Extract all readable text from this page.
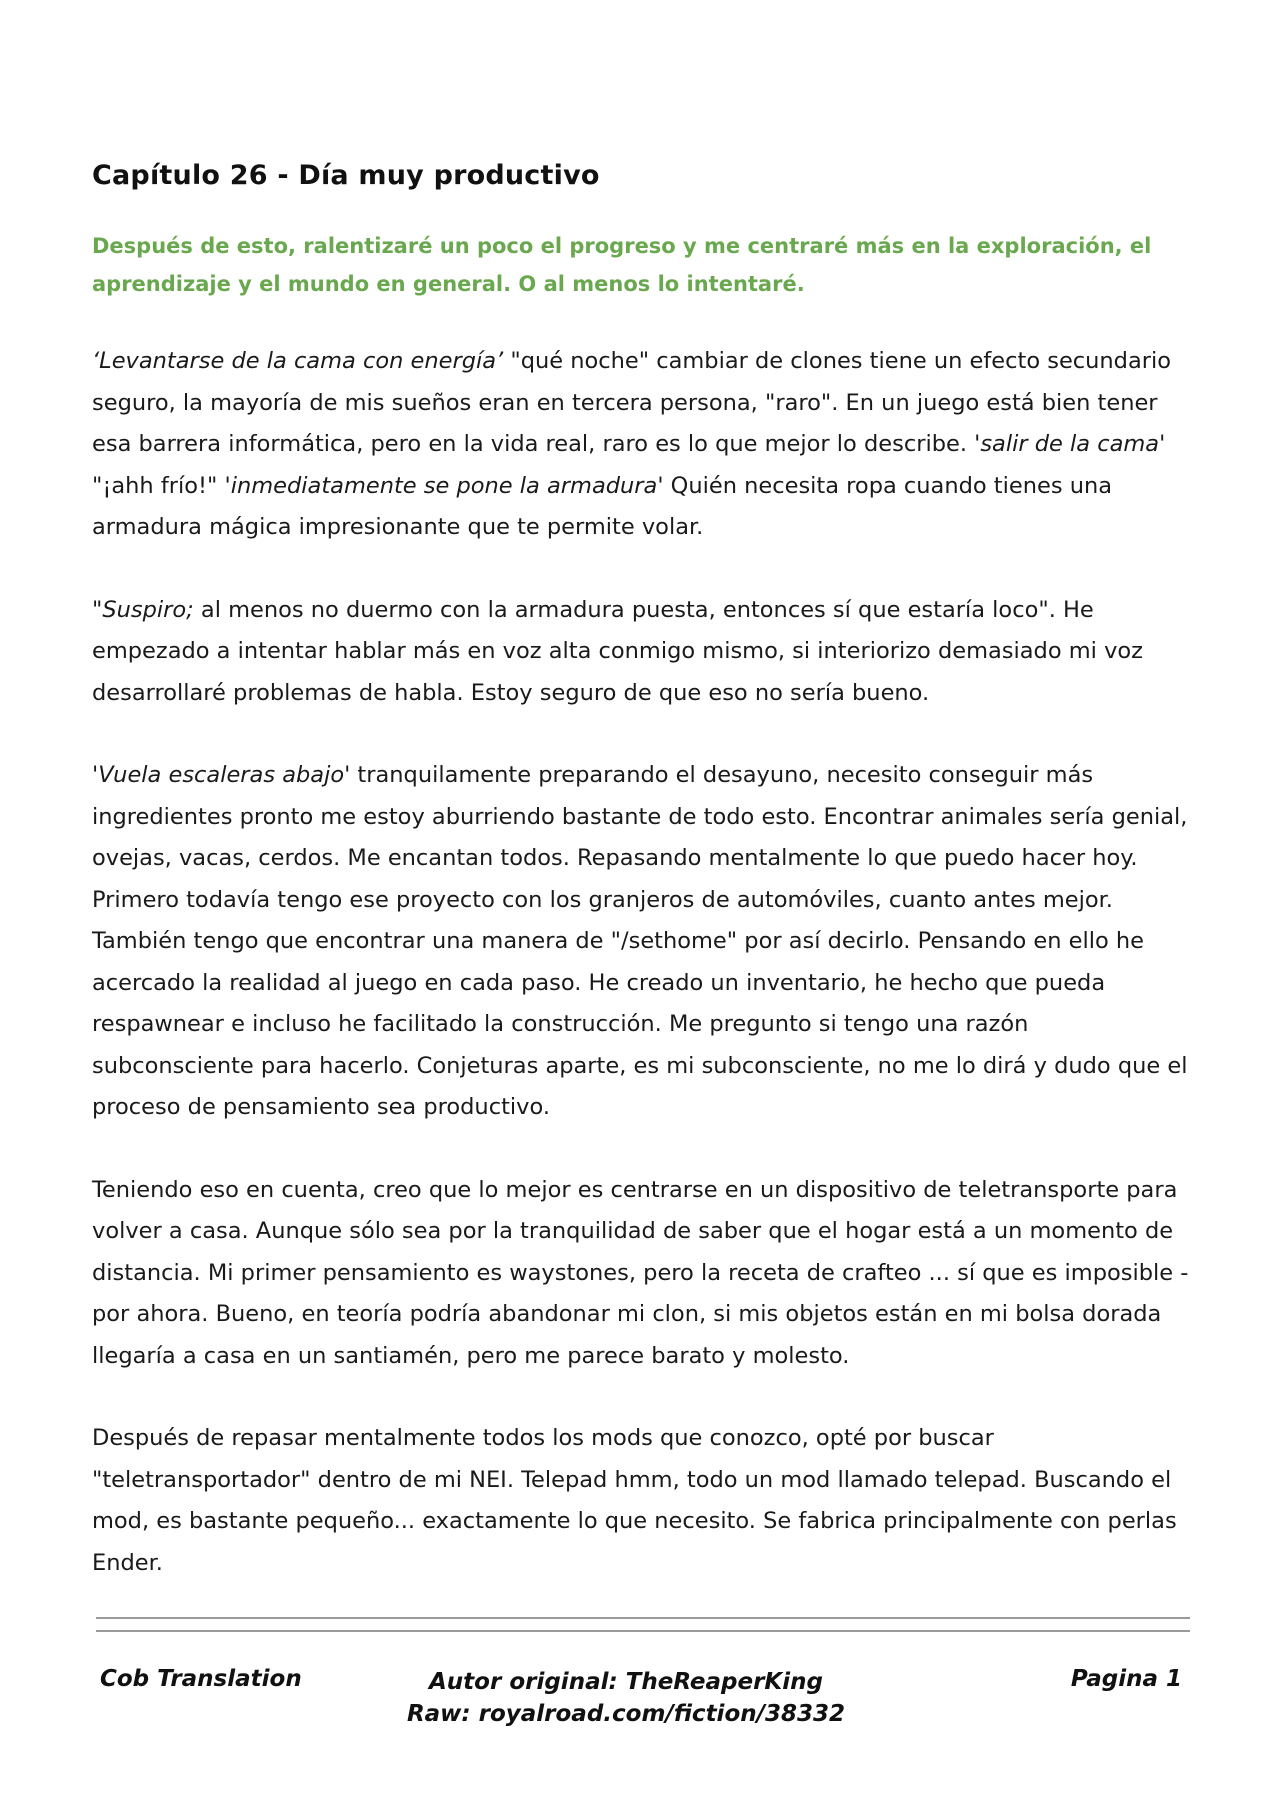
Capítulo 26 - Día muy productivo

Después de esto, ralentizaré un poco el progreso y me centraré más en la exploración, el aprendizaje y el mundo en general. O al menos lo intentaré.

‘Levantarse de la cama con energía’ "qué noche" cambiar de clones tiene un efecto secundario seguro, la mayoría de mis sueños eran en tercera persona, "raro". En un juego está bien tener esa barrera informática, pero en la vida real, raro es lo que mejor lo describe. 'salir de la cama' "¡ahh frío!" 'inmediatamente se pone la armadura' Quién necesita ropa cuando tienes una armadura mágica impresionante que te permite volar.

"Suspiro; al menos no duermo con la armadura puesta, entonces sí que estaría loco". He empezado a intentar hablar más en voz alta conmigo mismo, si interiorizo demasiado mi voz desarrollaré problemas de habla. Estoy seguro de que eso no sería bueno.

'Vuela escaleras abajo' tranquilamente preparando el desayuno, necesito conseguir más ingredientes pronto me estoy aburriendo bastante de todo esto. Encontrar animales sería genial, ovejas, vacas, cerdos. Me encantan todos. Repasando mentalmente lo que puedo hacer hoy. Primero todavía tengo ese proyecto con los granjeros de automóviles, cuanto antes mejor. También tengo que encontrar una manera de "/sethome" por así decirlo. Pensando en ello he acercado la realidad al juego en cada paso. He creado un inventario, he hecho que pueda respawnear e incluso he facilitado la construcción. Me pregunto si tengo una razón subconsciente para hacerlo. Conjeturas aparte, es mi subconsciente, no me lo dirá y dudo que el proceso de pensamiento sea productivo.

Teniendo eso en cuenta, creo que lo mejor es centrarse en un dispositivo de teletransporte para volver a casa. Aunque sólo sea por la tranquilidad de saber que el hogar está a un momento de distancia. Mi primer pensamiento es waystones, pero la receta de crafteo ... sí que es imposible - por ahora. Bueno, en teoría podría abandonar mi clon, si mis objetos están en mi bolsa dorada llegaría a casa en un santiamén, pero me parece barato y molesto.

Después de repasar mentalmente todos los mods que conozco, opté por buscar "teletransportador" dentro de mi NEI. Telepad hmm, todo un mod llamado telepad. Buscando el mod, es bastante pequeño... exactamente lo que necesito. Se fabrica principalmente con perlas Ender.

Cob Translation	Autor original: TheReaperKing
Raw: royalroad.com/fiction/38332
Pagina 1
